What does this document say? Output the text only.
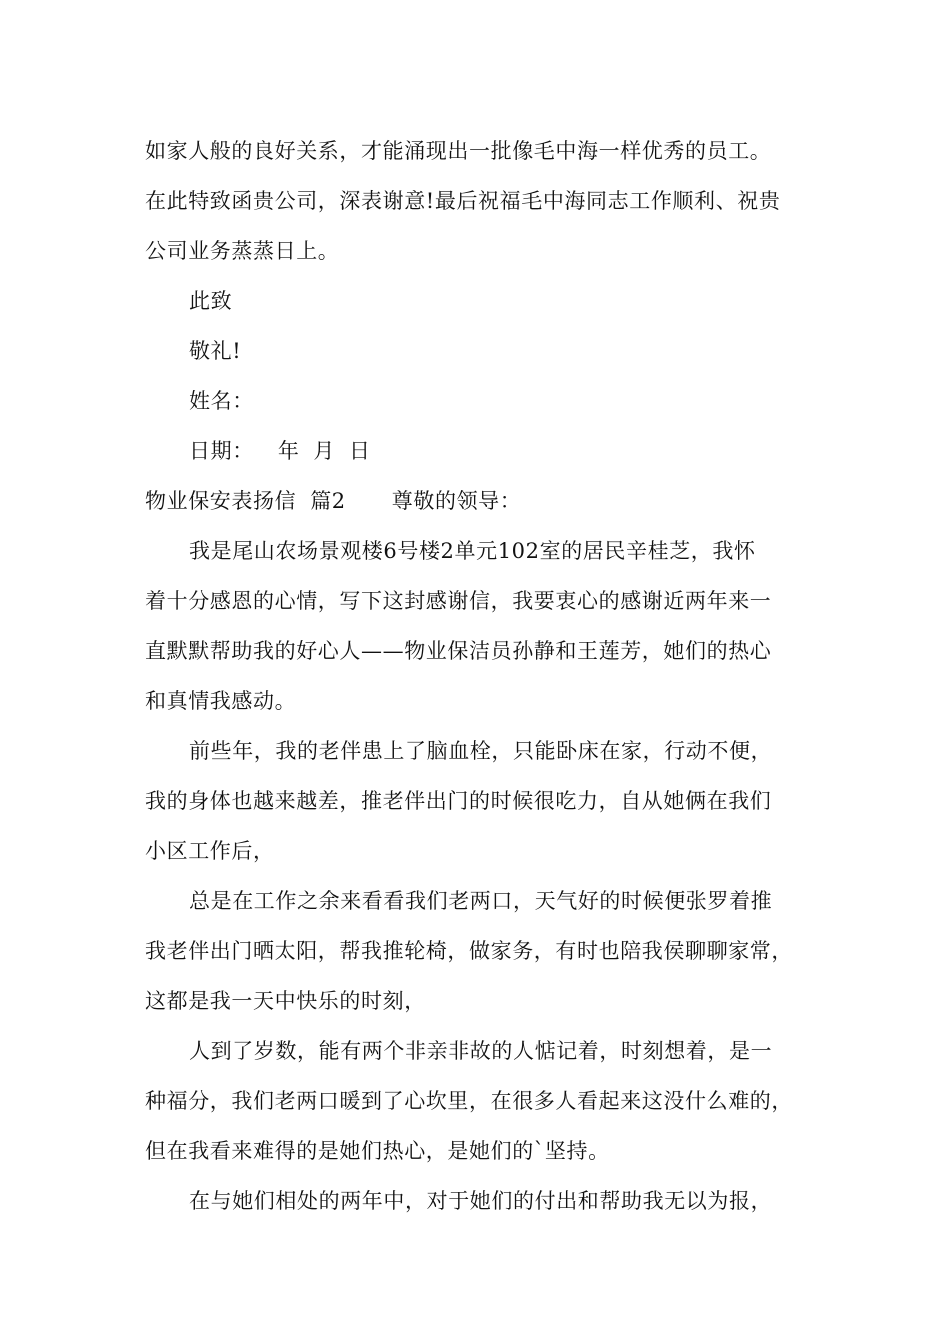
如家人般的良好关系，才能涌现出一批像毛中海一样优秀的员工。
在此特致函贵公司，深表谢意!最后祝福毛中海同志工作顺利、祝贵
公司业务蒸蒸日上。
此致
敬礼!
姓名：
日期： 年 月 日
物业保安表扬信 篇2 尊敬的领导：
我是尾山农场景观楼6号楼2单元102室的居民辛桂芝，我怀
着十分感恩的心情，写下这封感谢信，我要衷心的感谢近两年来一
直默默帮助我的好心人——物业保洁员孙静和王莲芳，她们的热心
和真情我感动。
前些年，我的老伴患上了脑血栓，只能卧床在家，行动不便，
我的身体也越来越差，推老伴出门的时候很吃力，自从她俩在我们
小区工作后，
总是在工作之余来看看我们老两口，天气好的时候便张罗着推
我老伴出门晒太阳，帮我推轮椅，做家务，有时也陪我侯聊聊家常，
这都是我一天中快乐的时刻，
人到了岁数，能有两个非亲非故的人惦记着，时刻想着，是一
种福分，我们老两口暖到了心坎里，在很多人看起来这没什么难的，
但在我看来难得的是她们热心，是她们的`坚持。
在与她们相处的两年中，对于她们的付出和帮助我无以为报，
